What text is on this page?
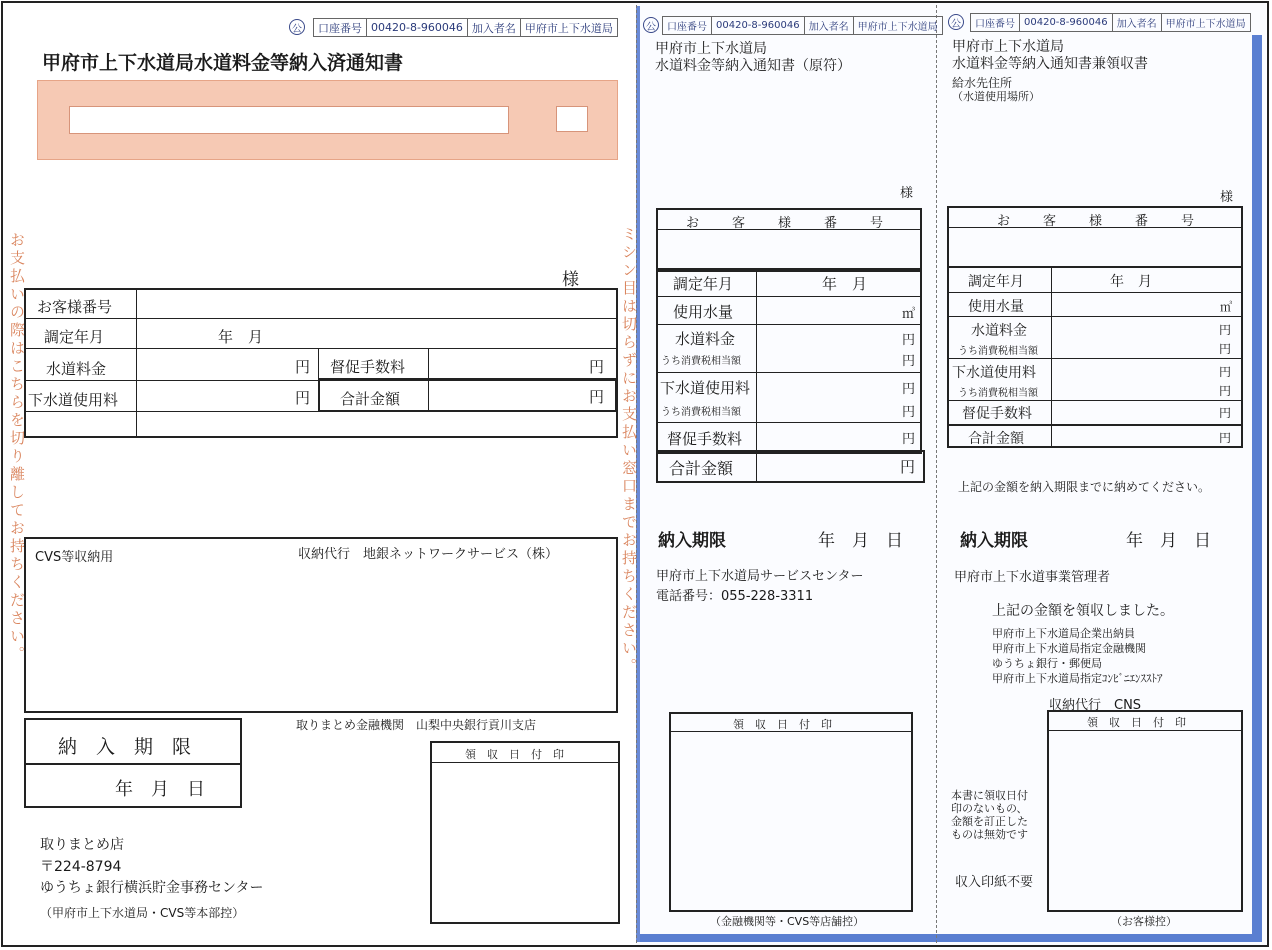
公	口座番号 00420-8-960046 加入者名 甲府市上下水道局	公	口座番号 00420-8-960046 加入者名 甲府市上下水道局	公	口座番号 00420-8-960046 加入者名 甲府市上下水道局
お支払いの際はこちらを切り離してお持ちください。	ミシン目は切らずにお支払い窓口までお持ちください。
甲府市上下水道局水道料金等納入済通知書
様
お客様番号
調定年月	年　月
水道料金	円 督促手数料	円
下水道使用料	円 合計金額	円
CVS等収納用	収納代行　地銀ネットワークサービス（株）
納　入　期　限
年　月　日
取りまとめ金融機関　山梨中央銀行貢川支店
領　収　日　付　印
取りまとめ店
〒224-8794
ゆうちょ銀行横浜貯金事務センター
（甲府市上下水道局・CVS等本部控）
甲府市上下水道局
水道料金等納入通知書（原符）
様
お　客　様　番　号
調定年月	年　月
使用水量	㎥
水道料金	円
うち消費税相当額	円
下水道使用料	円
うち消費税相当額	円
督促手数料	円
合計金額	円
納入期限	年　月　日
甲府市上下水道局サービスセンター
電話番号：055-228-3311
領　収　日　付　印
（金融機関等・CVS等店舗控）
甲府市上下水道局
水道料金等納入通知書兼領収書
給水先住所
（水道使用場所）
様
お　客　様　番　号
調定年月	年　月
使用水量	㎥
水道料金	円
うち消費税相当額	円
下水道使用料	円
うち消費税相当額	円
督促手数料	円
合計金額	円
上記の金額を納入期限までに納めてください。
納入期限	年　月　日
甲府市上下水道事業管理者
上記の金額を領収しました。
甲府市上下水道局企業出納員
甲府市上下水道局指定金融機関
ゆうちょ銀行・郵便局
甲府市上下水道局指定ｺﾝﾋﾞﾆｴﾝｽｽﾄｱ
収納代行　CNS
領　収　日　付　印
本書に領収日付
印のないもの、
金額を訂正した
ものは無効です
収入印紙不要
（お客様控）
